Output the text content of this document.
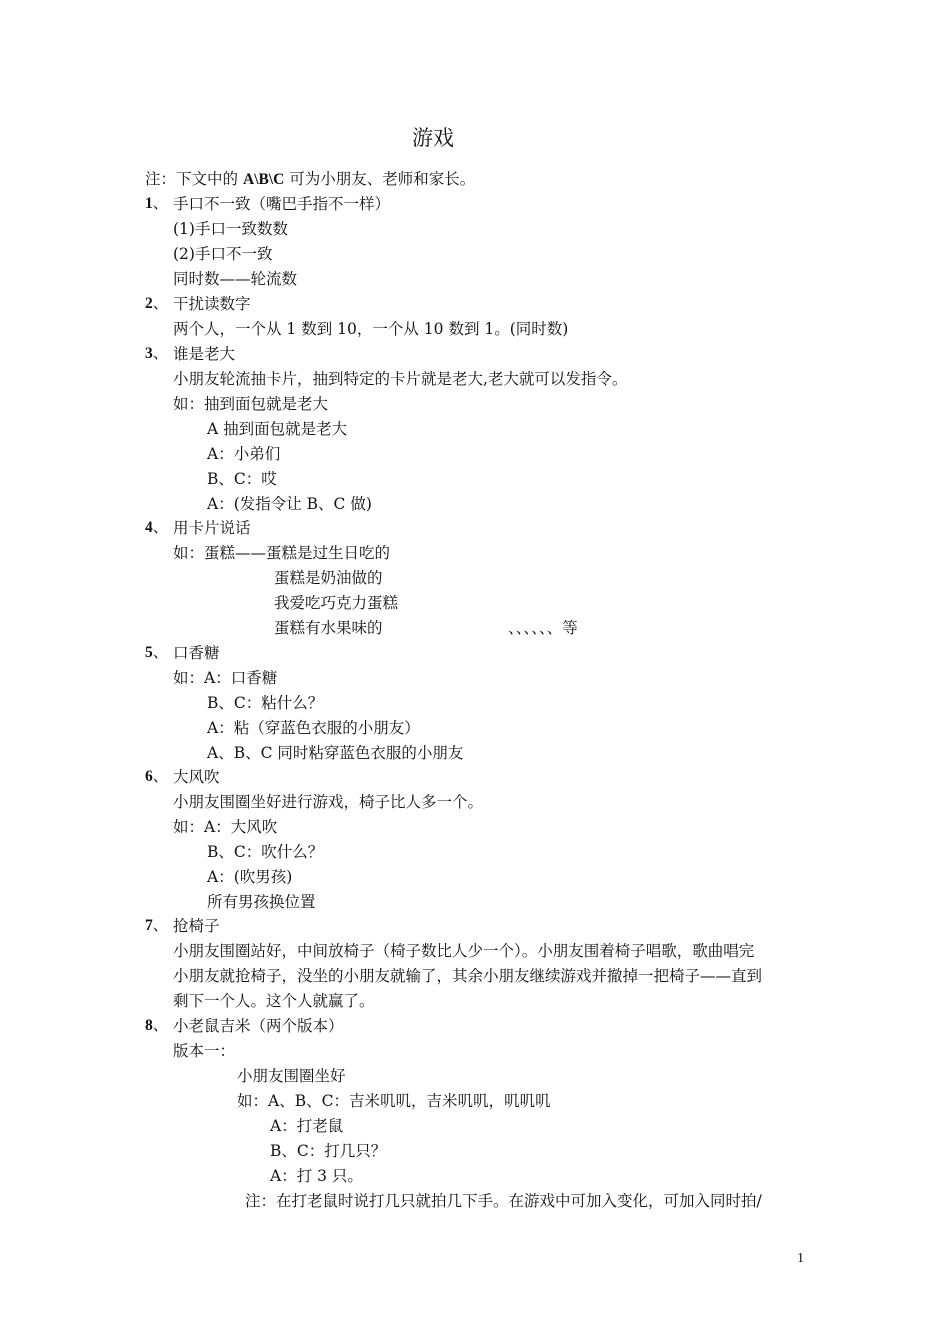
游戏
注：下文中的 A\B\C 可为小朋友、老师和家长。
1、 手口不一致（嘴巴手指不一样）
(1)手口一致数数
(2)手口不一致
同时数——轮流数
2、 干扰读数字
两个人，一个从 1 数到 10，一个从 10 数到 1。(同时数)
3、 谁是老大
小朋友轮流抽卡片，抽到特定的卡片就是老大,老大就可以发指令。
如：抽到面包就是老大
A 抽到面包就是老大
A：小弟们
B、C：哎
A：(发指令让 B、C 做)
4、 用卡片说话
如：蛋糕——蛋糕是过生日吃的
蛋糕是奶油做的
我爱吃巧克力蛋糕
蛋糕有水果味的	、、、、、、等
5、 口香糖
如：A：口香糖
B、C：粘什么？
A：粘（穿蓝色衣服的小朋友）
A、B、C 同时粘穿蓝色衣服的小朋友
6、 大风吹
小朋友围圈坐好进行游戏，椅子比人多一个。
如：A：大风吹
B、C：吹什么？
A：(吹男孩)
所有男孩换位置
7、 抢椅子
小朋友围圈站好，中间放椅子（椅子数比人少一个）。小朋友围着椅子唱歌，歌曲唱完
小朋友就抢椅子，没坐的小朋友就输了，其余小朋友继续游戏并撤掉一把椅子——直到
剩下一个人。这个人就赢了。
8、 小老鼠吉米（两个版本）
版本一：
小朋友围圈坐好
如：A、B、C：吉米叽叽，吉米叽叽，叽叽叽
A：打老鼠
B、C：打几只？
A：打 3 只。
注：在打老鼠时说打几只就拍几下手。在游戏中可加入变化，可加入同时拍/
1
